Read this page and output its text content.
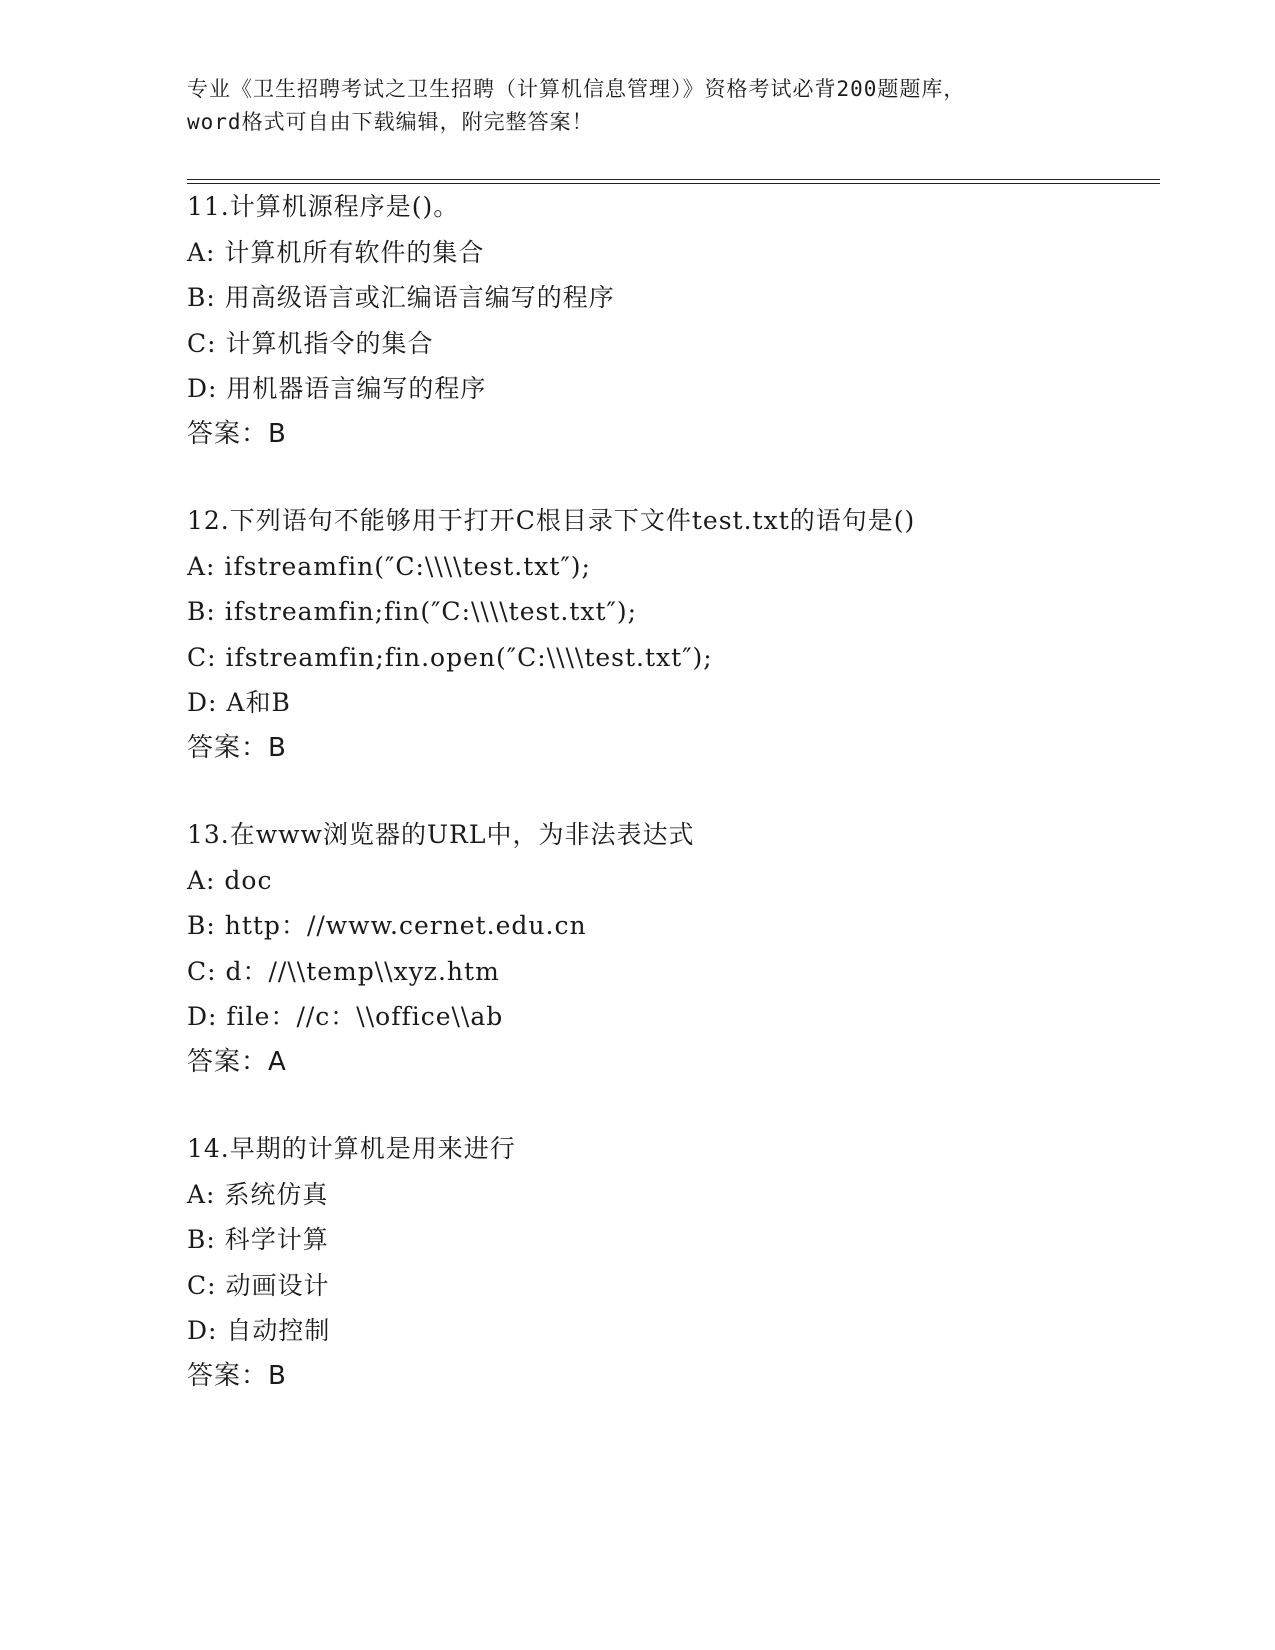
专业《卫生招聘考试之卫生招聘（计算机信息管理）》资格考试必背200题题库，
word格式可自由下载编辑，附完整答案！
11.计算机源程序是()。
A: 计算机所有软件的集合
B: 用高级语言或汇编语言编写的程序
C: 计算机指令的集合
D: 用机器语言编写的程序
答案：B
12.下列语句不能够用于打开C根目录下文件test.txt的语句是()
A: ifstreamfin(″C:\\\\test.txt″);
B: ifstreamfin;fin(″C:\\\\test.txt″);
C: ifstreamfin;fin.open(″C:\\\\test.txt″);
D: A和B
答案：B
13.在www浏览器的URL中，为非法表达式
A: doc
B: http：//www.cernet.edu.cn
C: d：//\\temp\\xyz.htm
D: file：//c：\\office\\ab
答案：A
14.早期的计算机是用来进行
A: 系统仿真
B: 科学计算
C: 动画设计
D: 自动控制
答案：B
